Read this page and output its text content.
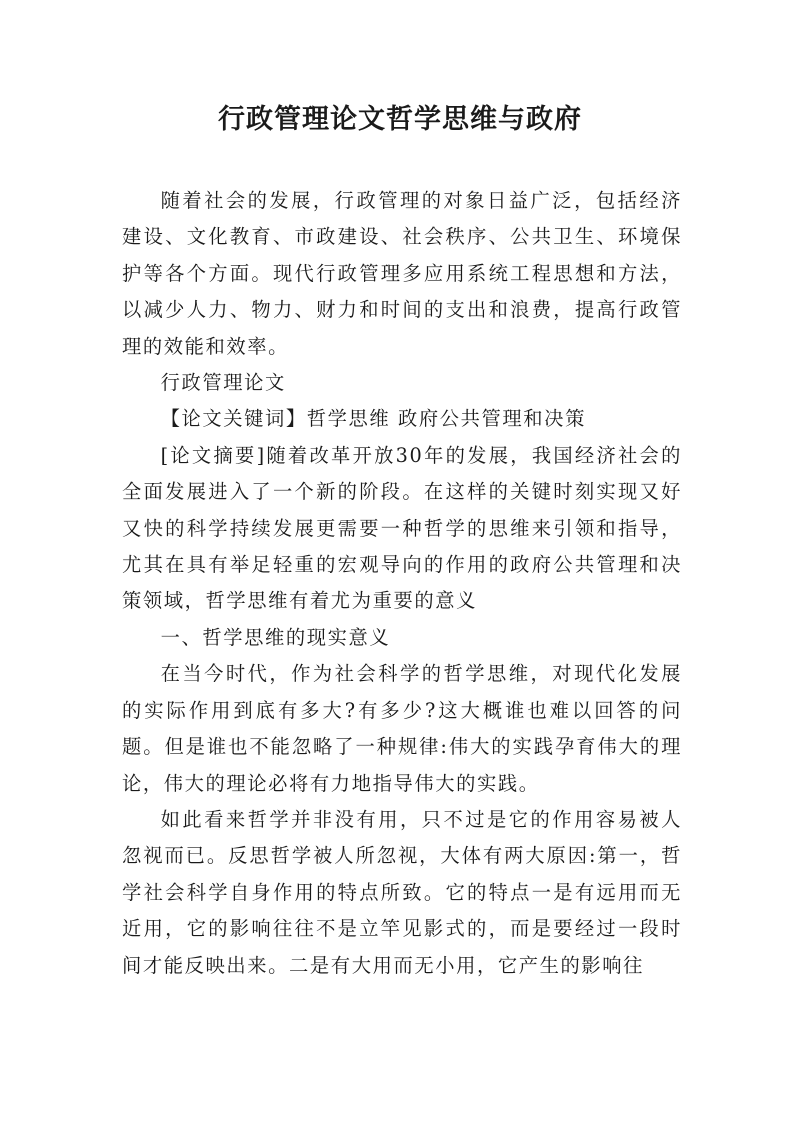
行政管理论文哲学思维与政府

随着社会的发展，行政管理的对象日益广泛，包括经济建设、文化教育、市政建设、社会秩序、公共卫生、环境保护等各个方面。现代行政管理多应用系统工程思想和方法，以减少人力、物力、财力和时间的支出和浪费，提高行政管理的效能和效率。

行政管理论文

【论文关键词】哲学思维 政府公共管理和决策

[论文摘要]随着改革开放30年的发展，我国经济社会的全面发展进入了一个新的阶段。在这样的关键时刻实现又好又快的科学持续发展更需要一种哲学的思维来引领和指导，尤其在具有举足轻重的宏观导向的作用的政府公共管理和决策领域，哲学思维有着尤为重要的意义

一、哲学思维的现实意义

在当今时代，作为社会科学的哲学思维，对现代化发展的实际作用到底有多大?有多少?这大概谁也难以回答的问题。但是谁也不能忽略了一种规律:伟大的实践孕育伟大的理论，伟大的理论必将有力地指导伟大的实践。

如此看来哲学并非没有用，只不过是它的作用容易被人忽视而已。反思哲学被人所忽视，大体有两大原因:第一，哲学社会科学自身作用的特点所致。它的特点一是有远用而无近用，它的影响往往不是立竿见影式的，而是要经过一段时间才能反映出来。二是有大用而无小用，它产生的影响往
